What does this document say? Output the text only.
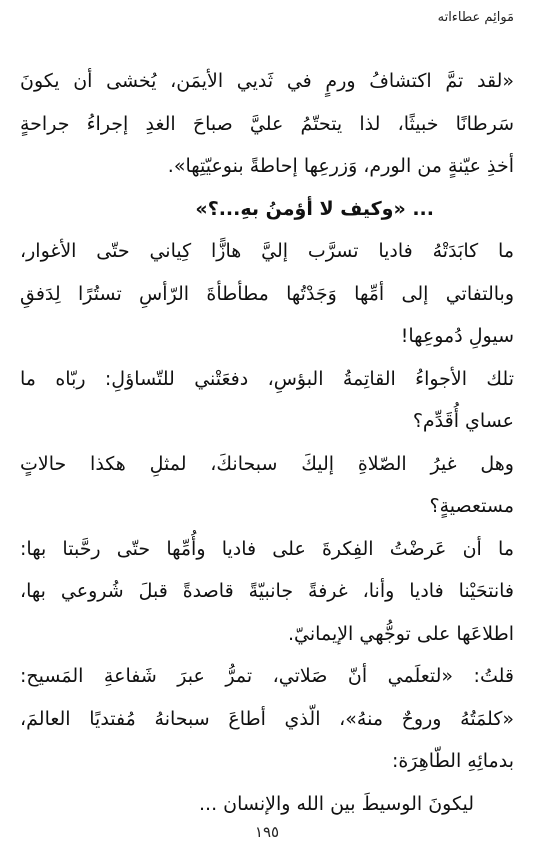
مَوائِم عطاءاته
«لقد تمَّ اكتشافُ ورمٍ في ثَديي الأيمَن، يُخشى أن يكونَ
سَرطانًا خبيثًا، لذا يتحتّمُ عليَّ صباحَ الغدِ إجراءُ جراحةٍ
أخذِ عيّنةٍ من الورم، وَزرعِها إحاطةً بنوعيّتِها».
... «وكيف لا أؤمنُ بهِ...؟»
ما كابَدَتْهُ فاديا تسرَّب إليَّ هازًّا كِياني حتّى الأغوار،
وبالتفاتي إلى أمِّها وَجَدْتُها مطأطأةَ الرّأسِ تستُرًا لِدَفقِ
سيولِ دُموعِها!
تلك الأجواءُ القاتِمةُ البؤسِ، دفعَتْني للتّساؤلِ: ربّاه ما
عساي أُقَدِّم؟
وهل غيرُ الصّلاةِ إليكَ سبحانكَ، لمثلِ هكذا حالاتٍ
مستعصيةٍ؟
ما أن عَرضْتُ الفِكرةَ على فاديا وأُمِّها حتّى رحَّبتا بها:
فانتحَيْنا فاديا وأنا، غرفةً جانبيّةً قاصدةً قبلَ شُروعي بها،
اطلاعَها على توجُّهي الإيمانيّ.
قلتُ: «لتعلَمي أنّ صَلاتي، تمرُّ عبرَ شَفاعةِ المَسيح:
«كلمَتُهُ وروحٌ منهُ»، الّذي أطاعَ سبحانهُ مُفتديًا العالمَ،
بدمائِهِ الطّاهِرَة:
ليكونَ الوسيطَ بين الله والإنسان ...
١٩٥
